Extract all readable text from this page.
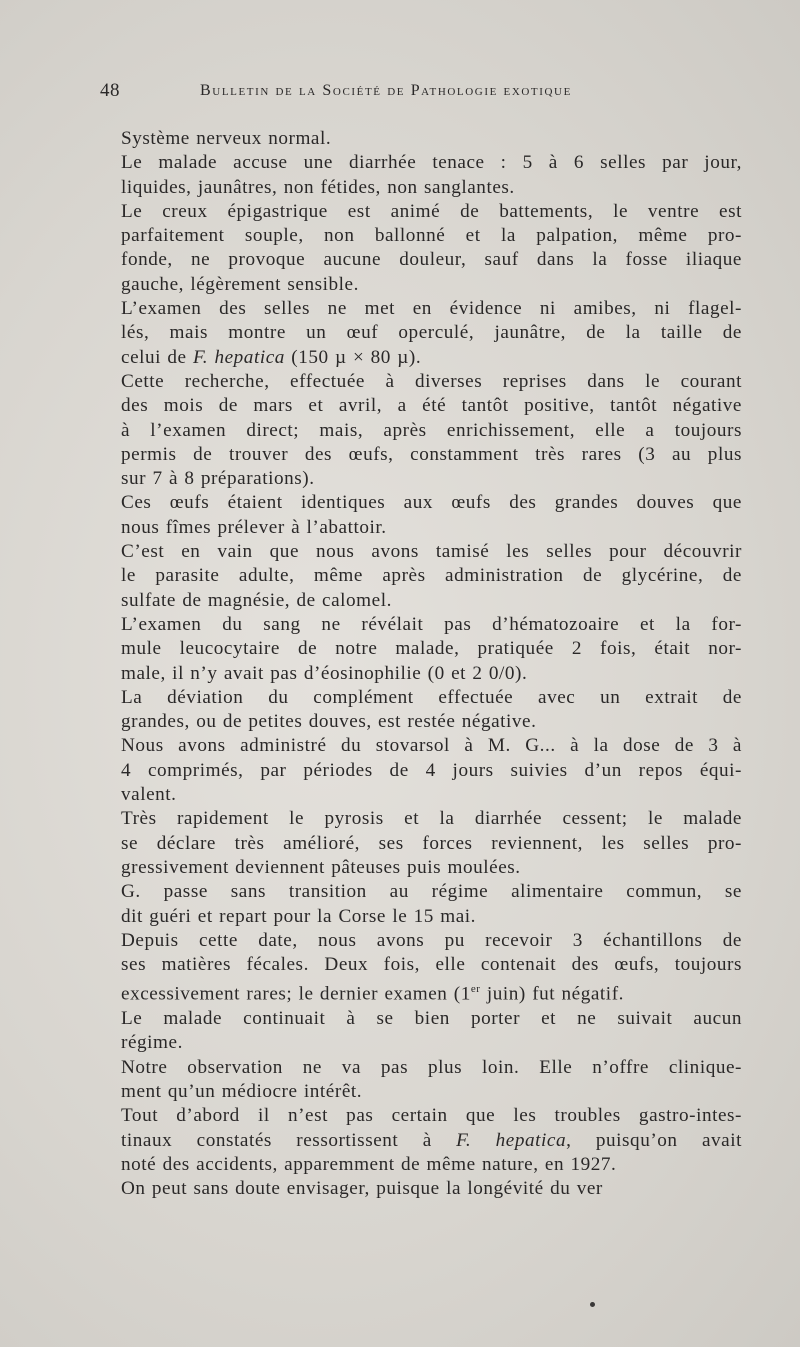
48	Bulletin de la Société de Pathologie exotique

Système nerveux normal.

Le malade accuse une diarrhée tenace : 5 à 6 selles par jour,
liquides, jaunâtres, non fétides, non sanglantes.

Le creux épigastrique est animé de battements, le ventre est
parfaitement souple, non ballonné et la palpation, même pro-
fonde, ne provoque aucune douleur, sauf dans la fosse iliaque
gauche, légèrement sensible.

L’examen des selles ne met en évidence ni amibes, ni flagel-
lés, mais montre un œuf operculé, jaunâtre, de la taille de
celui de F. hepatica (150 µ × 80 µ).

Cette recherche, effectuée à diverses reprises dans le courant
des mois de mars et avril, a été tantôt positive, tantôt négative
à l’examen direct; mais, après enrichissement, elle a toujours
permis de trouver des œufs, constamment très rares (3 au plus
sur 7 à 8 préparations).

Ces œufs étaient identiques aux œufs des grandes douves que
nous fîmes prélever à l’abattoir.

C’est en vain que nous avons tamisé les selles pour découvrir
le parasite adulte, même après administration de glycérine, de
sulfate de magnésie, de calomel.

L’examen du sang ne révélait pas d’hématozoaire et la for-
mule leucocytaire de notre malade, pratiquée 2 fois, était nor-
male, il n’y avait pas d’éosinophilie (0 et 2 0/0).

La déviation du complément effectuée avec un extrait de
grandes, ou de petites douves, est restée négative.

Nous avons administré du stovarsol à M. G... à la dose de 3 à
4 comprimés, par périodes de 4 jours suivies d’un repos équi-
valent.

Très rapidement le pyrosis et la diarrhée cessent; le malade
se déclare très amélioré, ses forces reviennent, les selles pro-
gressivement deviennent pâteuses puis moulées.

G. passe sans transition au régime alimentaire commun, se
dit guéri et repart pour la Corse le 15 mai.

Depuis cette date, nous avons pu recevoir 3 échantillons de
ses matières fécales. Deux fois, elle contenait des œufs, toujours
excessivement rares; le dernier examen (1er juin) fut négatif.

Le malade continuait à se bien porter et ne suivait aucun
régime.

Notre observation ne va pas plus loin. Elle n’offre clinique-
ment qu’un médiocre intérêt.

Tout d’abord il n’est pas certain que les troubles gastro-intes-
tinaux constatés ressortissent à F. hepatica, puisqu’on avait
noté des accidents, apparemment de même nature, en 1927.

On peut sans doute envisager, puisque la longévité du ver
